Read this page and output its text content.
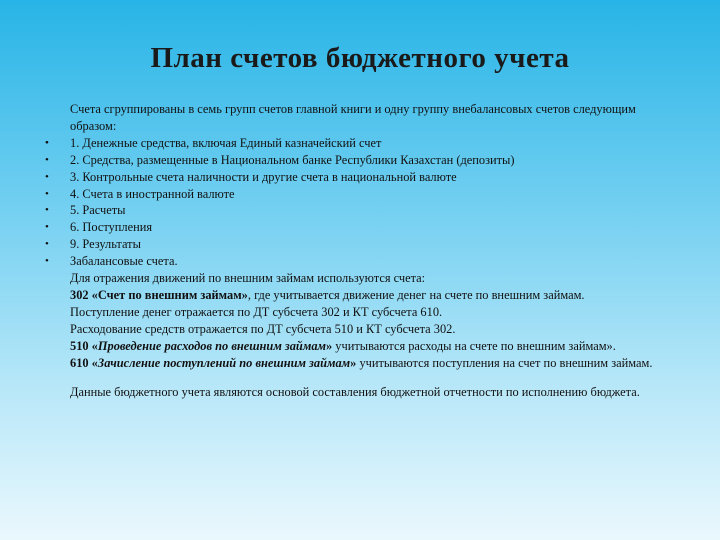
План счетов бюджетного учета

• Счета сгруппированы в семь групп счетов главной книги и одну группу внебалансовых счетов следующим образом:

• 1. Денежные средства, включая Единый казначейский счет

• 2. Средства, размещенные в Национальном банке Республики Казахстан (депозиты)

• 3. Контрольные счета наличности и другие счета в национальной валюте

• 4. Счета в иностранной валюте

• 5. Расчеты

• 6. Поступления

• 9. Результаты

• Забалансовые счета.

Для отражения движений по внешним займам используются счета:

302 «Счет по внешним займам», где учитывается движение денег на счете по внешним займам.

Поступление денег отражается по ДТ субсчета 302 и КТ субсчета 610.

Расходование средств отражается по ДТ субсчета 510 и КТ субсчета 302.

510 «Проведение расходов по внешним займам» учитываются расходы на счете по внешним займам».

610 «Зачисление поступлений по внешним займам» учитываются поступления на счет по внешним займам.

Данные бюджетного учета являются основой составления бюджетной отчетности по исполнению бюджета.
